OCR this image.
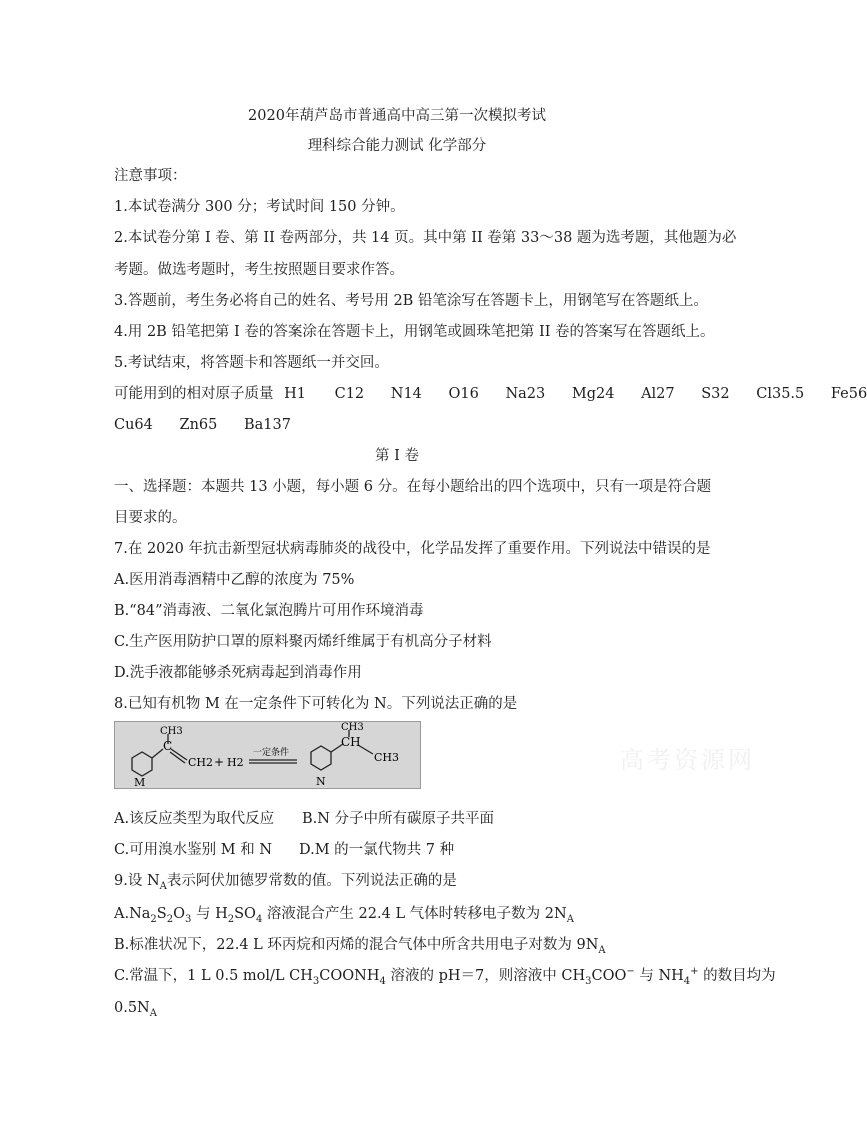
2020年葫芦岛市普通高中高三第一次模拟考试
理科综合能力测试 化学部分
注意事项：
1.本试卷满分 300 分；考试时间 150 分钟。
2.本试卷分第 I 卷、第 II 卷两部分，共 14 页。其中第 II 卷第 33～38 题为选考题，其他题为必
考题。做选考题时，考生按照题目要求作答。
3.答题前，考生务必将自己的姓名、考号用 2B 铅笔涂写在答题卡上，用钢笔写在答题纸上。
4.用 2B 铅笔把第 I 卷的答案涂在答题卡上，用钢笔或圆珠笔把第 II 卷的答案写在答题纸上。
5.考试结束，将答题卡和答题纸一并交回。
可能用到的相对原子质量 H1 C12 N14 O16 Na23 Mg24 Al27 S32 Cl35.5 Fe56
Cu64 Zn65 Ba137
第 I 卷
一、选择题：本题共 13 小题，每小题 6 分。在每小题给出的四个选项中，只有一项是符合题
目要求的。
7.在 2020 年抗击新型冠状病毒肺炎的战役中，化学品发挥了重要作用。下列说法中错误的是
A.医用消毒酒精中乙醇的浓度为 75%
B.“84”消毒液、二氧化氯泡腾片可用作环境消毒
C.生产医用防护口罩的原料聚丙烯纤维属于有机高分子材料
D.洗手液都能够杀死病毒起到消毒作用
8.已知有机物 M 在一定条件下可转化为 N。下列说法正确的是
CH3
C
CH2 + H2
M
一定条件
CH3
CH
CH3
N
高考资源网
A.该反应类型为取代反应 B.N 分子中所有碳原子共平面
C.可用溴水鉴别 M 和 N D.M 的一氯代物共 7 种
9.设 $N_A$表示阿伏加德罗常数的值。下列说法正确的是
$A.Na_2S_2O_3$ 与 $H_2SO_4$ 溶液混合产生 22.4 L 气体时转移电子数为 $2N_A$
B.标准状况下，22.4 L 环丙烷和丙烯的混合气体中所含共用电子对数为 $9N_A$
C.常温下，1 L 0.5 mol/L $CH_3COONH_4$ 溶液的 pH＝7，则溶液中 $CH_3COO^-$ 与 $NH_4^+$ 的数目均为
$0.5N_A$
